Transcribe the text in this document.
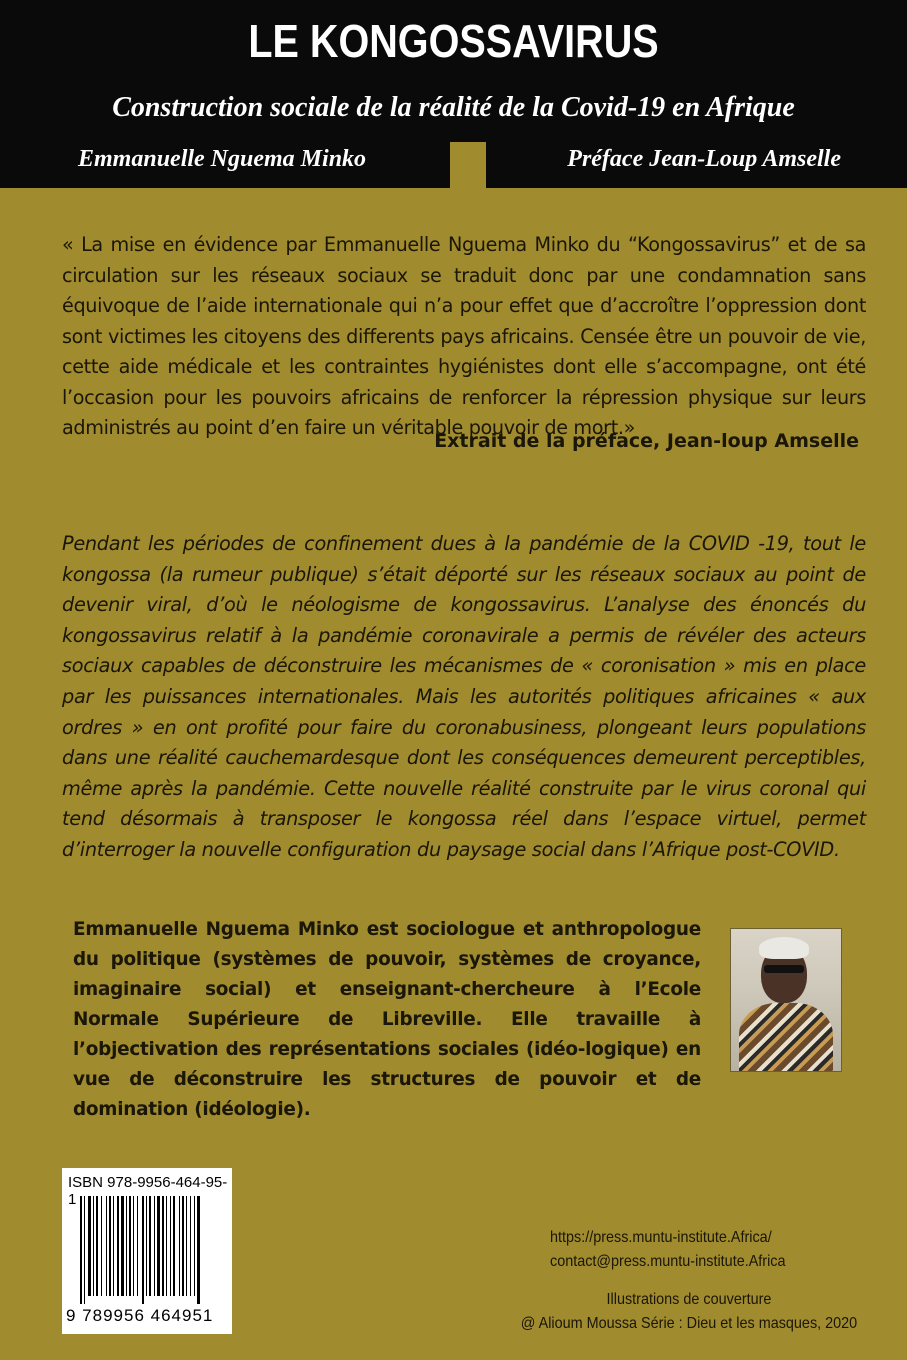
LE KONGOSSAVIRUS
Construction sociale de la réalité de la Covid-19 en Afrique
Emmanuelle Nguema Minko	Préface Jean-Loup Amselle
« La mise en évidence par Emmanuelle Nguema Minko du “Kongossavirus” et de sa circulation sur les réseaux sociaux se traduit donc par une condamnation sans équivoque de l’aide internationale qui n’a pour effet que d’accroître l’oppression dont sont victimes les citoyens des differents pays africains. Censée être un pouvoir de vie, cette aide médicale et les contraintes hygiénistes dont elle s’accompagne, ont été l’occasion pour les pouvoirs africains de renforcer la répression physique sur leurs administrés au point d’en faire un véritable pouvoir de mort.»
Extrait de la préface, Jean-loup Amselle
Pendant les périodes de confinement dues à la pandémie de la COVID -19, tout le kongossa (la rumeur publique) s’était déporté sur les réseaux sociaux au point de devenir viral, d’où le néologisme de kongossavirus. L’analyse des énoncés du kongossavirus relatif à la pandémie coronavirale a permis de révéler des acteurs sociaux capables de déconstruire les mécanismes de « coronisation » mis en place par les puissances internationales. Mais les autorités politiques africaines « aux ordres » en ont profité pour faire du coronabusiness, plongeant leurs populations dans une réalité cauchemardesque dont les conséquences demeurent perceptibles, même après la pandémie. Cette nouvelle réalité construite par le virus coronal qui tend désormais à transposer le kongossa réel dans l’espace virtuel, permet d’interroger la nouvelle configuration du paysage social dans l’Afrique post-COVID.
Emmanuelle Nguema Minko est sociologue et anthropologue du politique (systèmes de pouvoir, systèmes de croyance, imaginaire social) et enseignant-chercheure à l’Ecole Normale Supérieure de Libreville. Elle travaille à l’objectivation des représentations sociales (idéo-logique) en vue de déconstruire les structures de pouvoir et de domination (idéologie).
ISBN 978-9956-464-95-1
9 789956 464951
https://press.muntu-institute.Africa/
contact@press.muntu-institute.Africa
Illustrations de couverture
@ Alioum Moussa Série : Dieu et les masques, 2020
